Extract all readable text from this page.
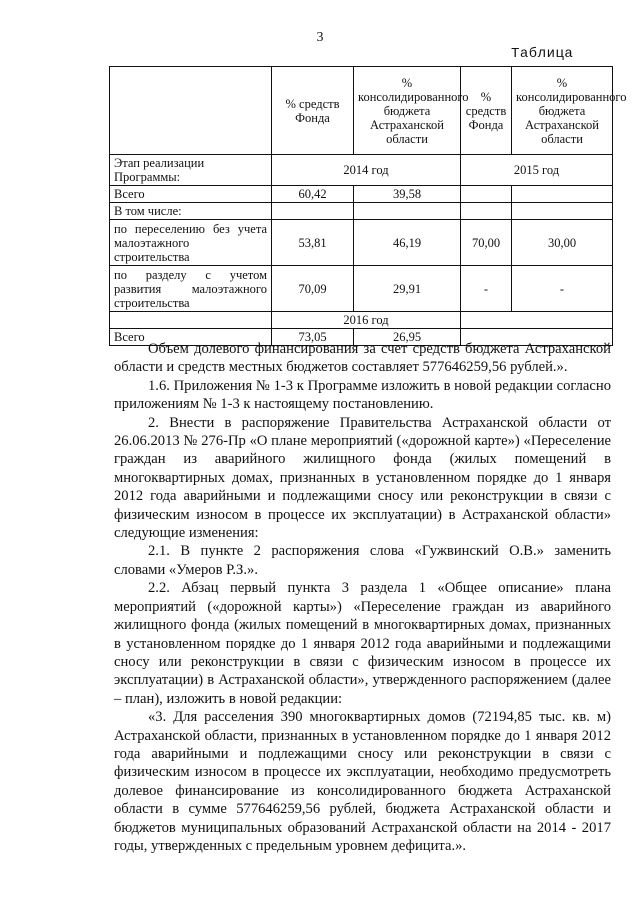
3
Таблица
	% средств Фонда	% консолидированного бюджета Астраханской области	% средств Фонда	% консолидированного бюджета Астраханской области
Этап реализации Программы:	2014 год		2015 год	
Всего	60,42	39,58		
В том числе:				
по переселению без учета малоэтажного строительства	53,81	46,19	70,00	30,00
по разделу с учетом развития малоэтажного строительства	70,09	29,91	-	-
	2016 год			
Всего	73,05	26,95		

Объем долевого финансирования за счет средств бюджета Астраханской области и средств местных бюджетов составляет 577646259,56 рублей.».

1.6. Приложения № 1-3 к Программе изложить в новой редакции согласно приложениям № 1-3 к настоящему постановлению.

2. Внести в распоряжение Правительства Астраханской области от 26.06.2013 № 276-Пр «О плане мероприятий («дорожной карте») «Переселение граждан из аварийного жилищного фонда (жилых помещений в многоквартирных домах, признанных в установленном порядке до 1 января 2012 года аварийными и подлежащими сносу или реконструкции в связи с физическим износом в процессе их эксплуатации) в Астраханской области» следующие изменения:

2.1. В пункте 2 распоряжения слова «Гужвинский О.В.» заменить словами «Умеров Р.З.».

2.2. Абзац первый пункта 3 раздела 1 «Общее описание» плана мероприятий («дорожной карты») «Переселение граждан из аварийного жилищного фонда (жилых помещений в многоквартирных домах, признанных в установленном порядке до 1 января 2012 года аварийными и подлежащими сносу или реконструкции в связи с физическим износом в процессе их эксплуатации) в Астраханской области», утвержденного распоряжением (далее – план), изложить в новой редакции:

«3. Для расселения 390 многоквартирных домов (72194,85 тыс. кв. м) Астраханской области, признанных в установленном порядке до 1 января 2012 года аварийными и подлежащими сносу или реконструкции в связи с физическим износом в процессе их эксплуатации, необходимо предусмотреть долевое финансирование из консолидированного бюджета Астраханской области в сумме 577646259,56 рублей, бюджета Астраханской области и бюджетов муниципальных образований Астраханской области на 2014 - 2017 годы, утвержденных с предельным уровнем дефицита.».
